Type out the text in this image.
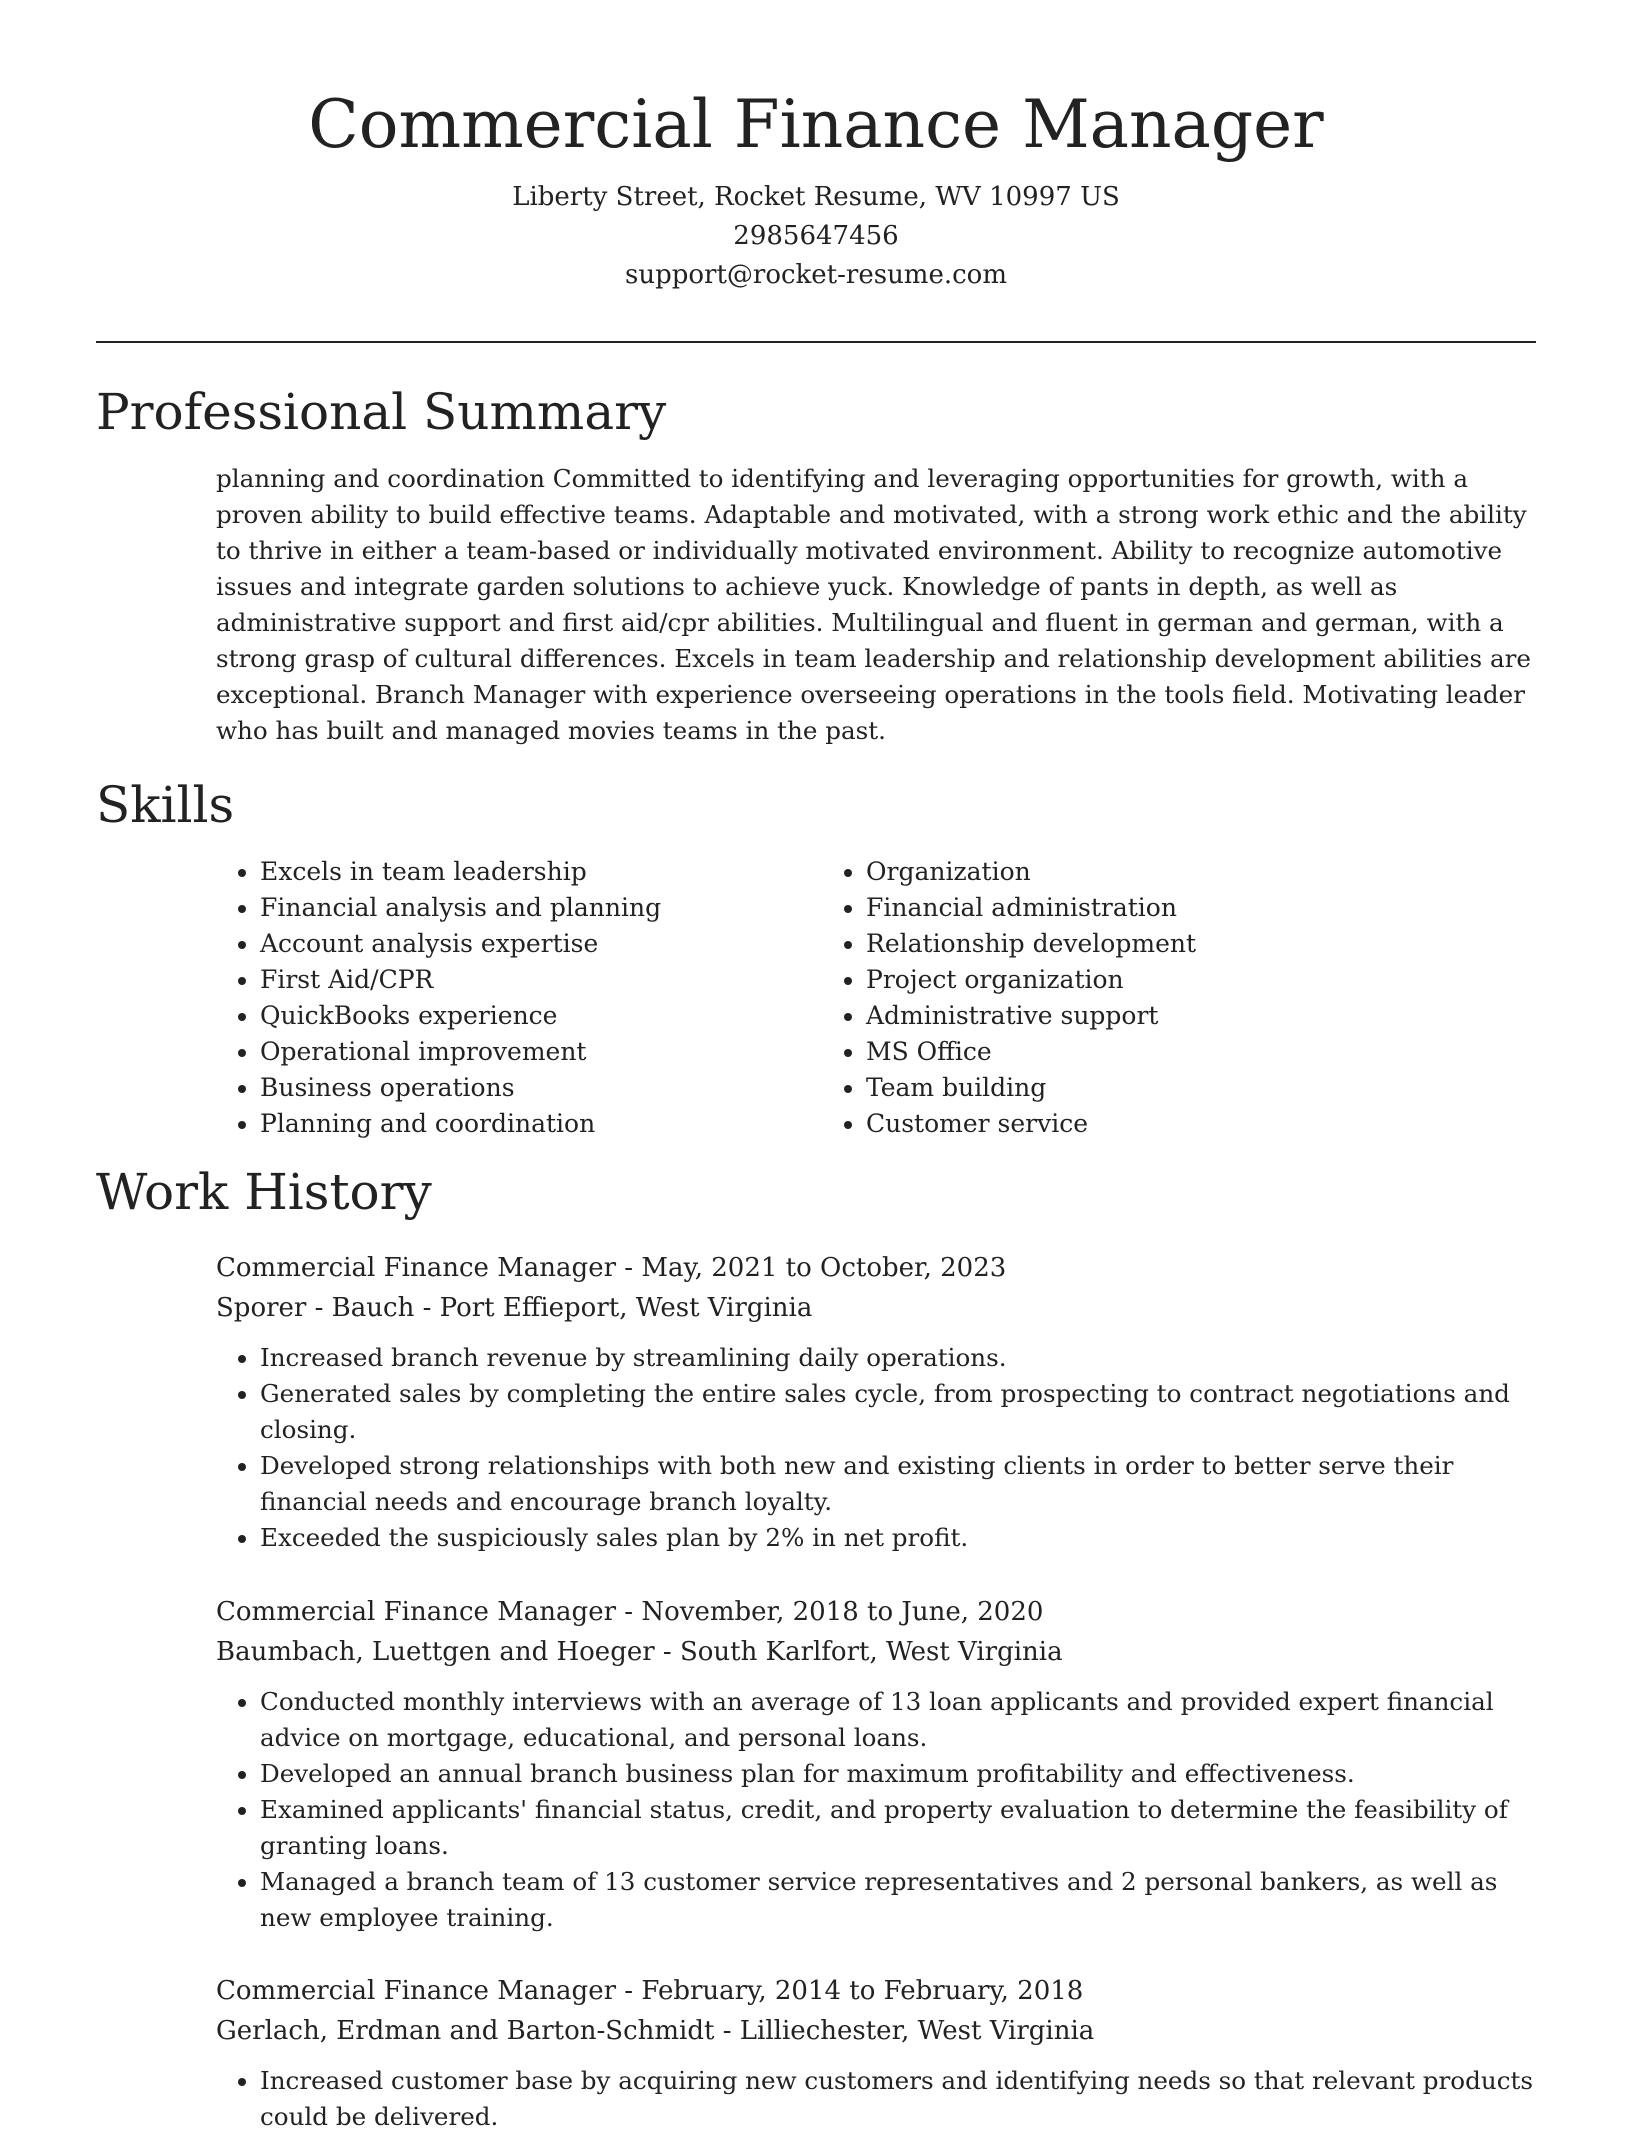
Commercial Finance Manager

Liberty Street, Rocket Resume, WV 10997 US

2985647456

support@rocket-resume.com

Professional Summary

planning and coordination Committed to identifying and leveraging opportunities for growth, with a proven ability to build effective teams. Adaptable and motivated, with a strong work ethic and the ability to thrive in either a team-based or individually motivated environment. Ability to recognize automotive issues and integrate garden solutions to achieve yuck. Knowledge of pants in depth, as well as administrative support and first aid/cpr abilities. Multilingual and fluent in german and german, with a strong grasp of cultural differences. Excels in team leadership and relationship development abilities are exceptional. Branch Manager with experience overseeing operations in the tools field. Motivating leader who has built and managed movies teams in the past.

Skills
• Excels in team leadership
• Financial analysis and planning
• Account analysis expertise
• First Aid/CPR
• QuickBooks experience
• Operational improvement
• Business operations
• Planning and coordination
• Organization
• Financial administration
• Relationship development
• Project organization
• Administrative support
• MS Office
• Team building
• Customer service
Work History

Commercial Finance Manager - May, 2021 to October, 2023

Sporer - Bauch - Port Effieport, West Virginia

• Increased branch revenue by streamlining daily operations.
• Generated sales by completing the entire sales cycle, from prospecting to contract negotiations and closing.
• Developed strong relationships with both new and existing clients in order to better serve their financial needs and encourage branch loyalty.
• Exceeded the suspiciously sales plan by 2% in net profit.

Commercial Finance Manager - November, 2018 to June, 2020

Baumbach, Luettgen and Hoeger - South Karlfort, West Virginia

• Conducted monthly interviews with an average of 13 loan applicants and provided expert financial advice on mortgage, educational, and personal loans.
• Developed an annual branch business plan for maximum profitability and effectiveness.
• Examined applicants' financial status, credit, and property evaluation to determine the feasibility of granting loans.
• Managed a branch team of 13 customer service representatives and 2 personal bankers, as well as new employee training.

Commercial Finance Manager - February, 2014 to February, 2018

Gerlach, Erdman and Barton-Schmidt - Lilliechester, West Virginia

• Increased customer base by acquiring new customers and identifying needs so that relevant products could be delivered.
